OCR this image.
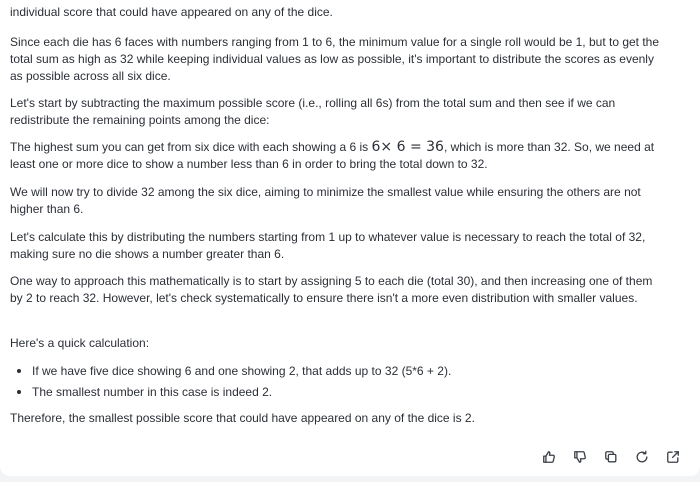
individual score that could have appeared on any of the dice.

Since each die has 6 faces with numbers ranging from 1 to 6, the minimum value for a single roll would be 1, but to get the total sum as high as 32 while keeping individual values as low as possible, it's important to distribute the scores as evenly as possible across all six dice.

Let's start by subtracting the maximum possible score (i.e., rolling all 6s) from the total sum and then see if we can redistribute the remaining points among the dice:

The highest sum you can get from six dice with each showing a 6 is 6× 6 = 36, which is more than 32. So, we need at least one or more dice to show a number less than 6 in order to bring the total down to 32.

We will now try to divide 32 among the six dice, aiming to minimize the smallest value while ensuring the others are not higher than 6.

Let's calculate this by distributing the numbers starting from 1 up to whatever value is necessary to reach the total of 32, making sure no die shows a number greater than 6.

One way to approach this mathematically is to start by assigning 5 to each die (total 30), and then increasing one of them by 2 to reach 32. However, let's check systematically to ensure there isn't a more even distribution with smaller values.

Here's a quick calculation:

• If we have five dice showing 6 and one showing 2, that adds up to 32 (5*6 + 2).
• The smallest number in this case is indeed 2.

Therefore, the smallest possible score that could have appeared on any of the dice is 2.
